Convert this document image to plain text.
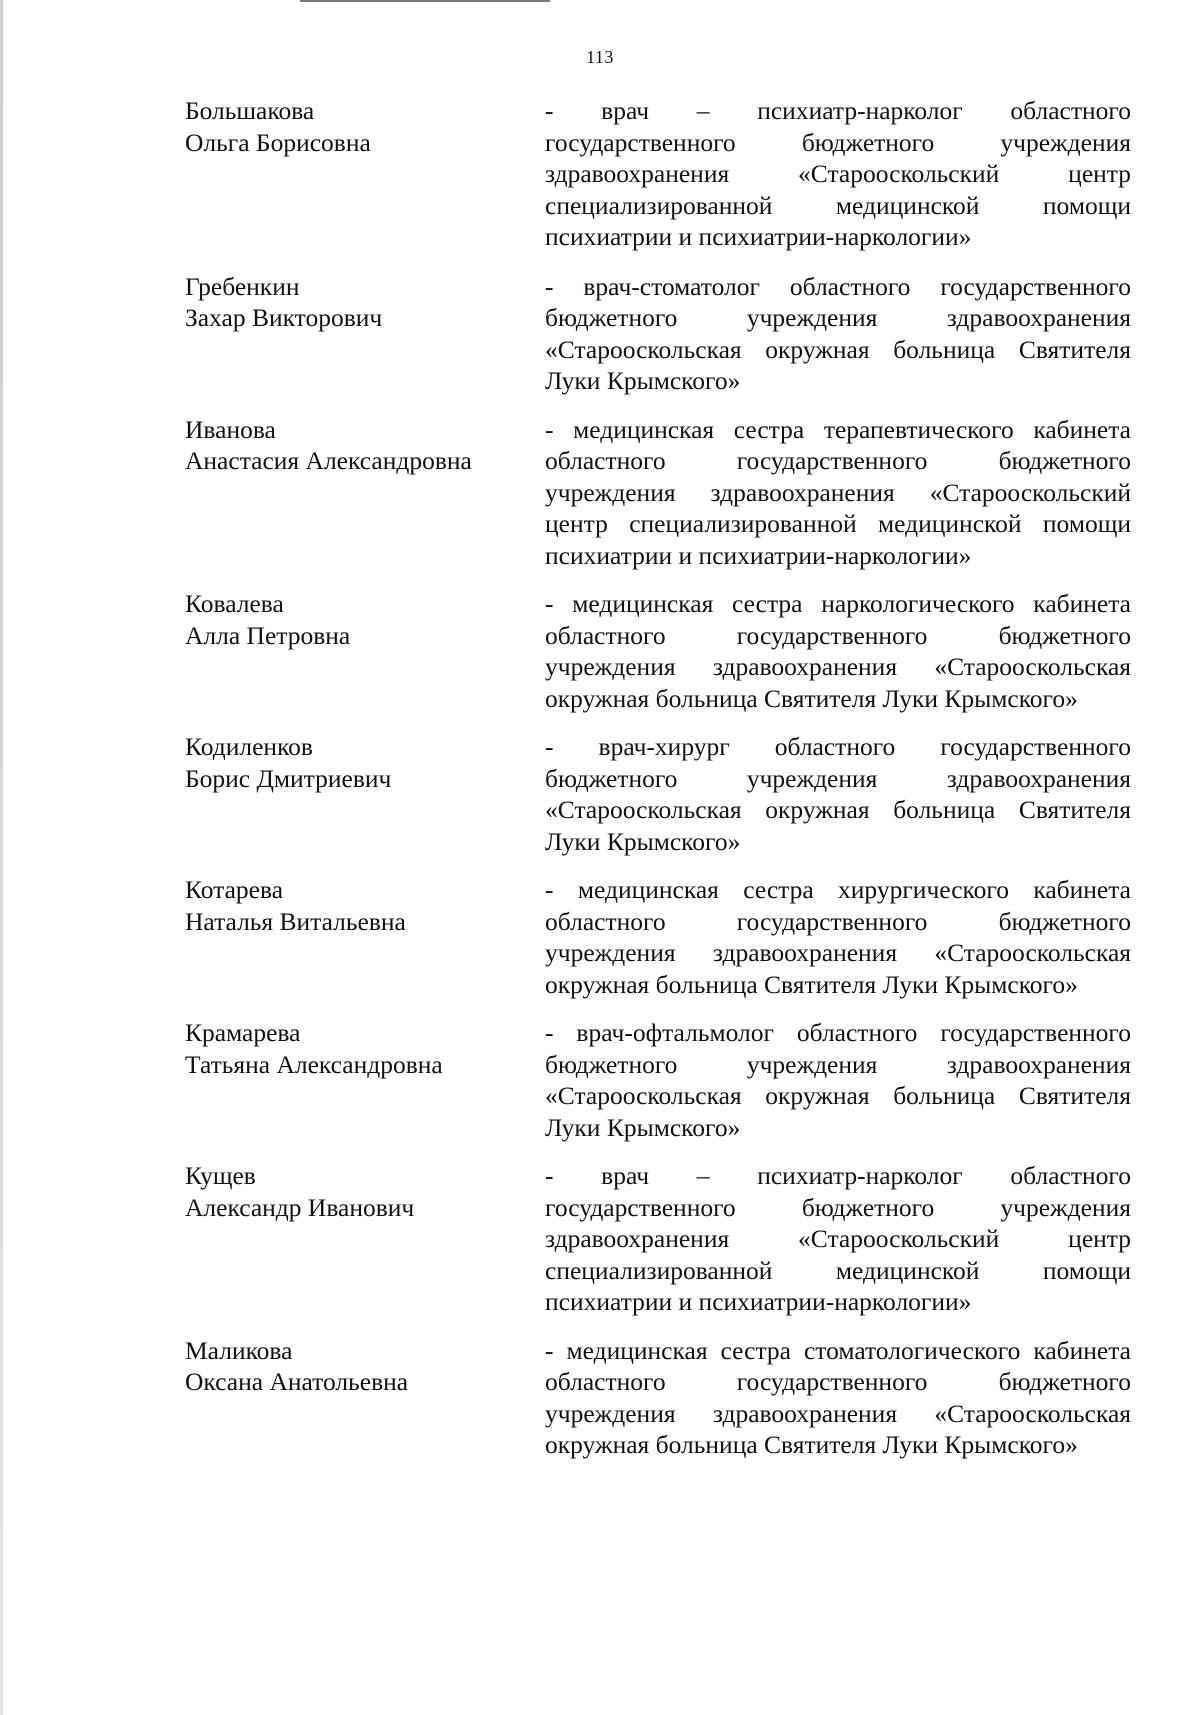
113
Большакова
Ольга Борисовна
- врач – психиатр-нарколог областного государственного бюджетного учреждения здравоохранения «Старооскольский центр специализированной медицинской помощи психиатрии и психиатрии-наркологии»
Гребенкин
Захар Викторович
- врач-стоматолог областного государственного бюджетного учреждения здравоохранения «Старооскольская окружная больница Святителя Луки Крымского»
Иванова
Анастасия Александровна
- медицинская сестра терапевтического кабинета областного государственного бюджетного учреждения здравоохранения «Старооскольский центр специализированной медицинской помощи психиатрии и психиатрии-наркологии»
Ковалева
Алла Петровна
- медицинская сестра наркологического кабинета областного государственного бюджетного учреждения здравоохранения «Старооскольская окружная больница Святителя Луки Крымского»
Кодиленков
Борис Дмитриевич
- врач-хирург областного государственного бюджетного учреждения здравоохранения «Старооскольская окружная больница Святителя Луки Крымского»
Котарева
Наталья Витальевна
- медицинская сестра хирургического кабинета областного государственного бюджетного учреждения здравоохранения «Старооскольская окружная больница Святителя Луки Крымского»
Крамарева
Татьяна Александровна
- врач-офтальмолог областного государственного бюджетного учреждения здравоохранения «Старооскольская окружная больница Святителя Луки Крымского»
Кущев
Александр Иванович
- врач – психиатр-нарколог областного государственного бюджетного учреждения здравоохранения «Старооскольский центр специализированной медицинской помощи психиатрии и психиатрии-наркологии»
Маликова
Оксана Анатольевна
- медицинская сестра стоматологического кабинета областного государственного бюджетного учреждения здравоохранения «Старооскольская окружная больница Святителя Луки Крымского»
